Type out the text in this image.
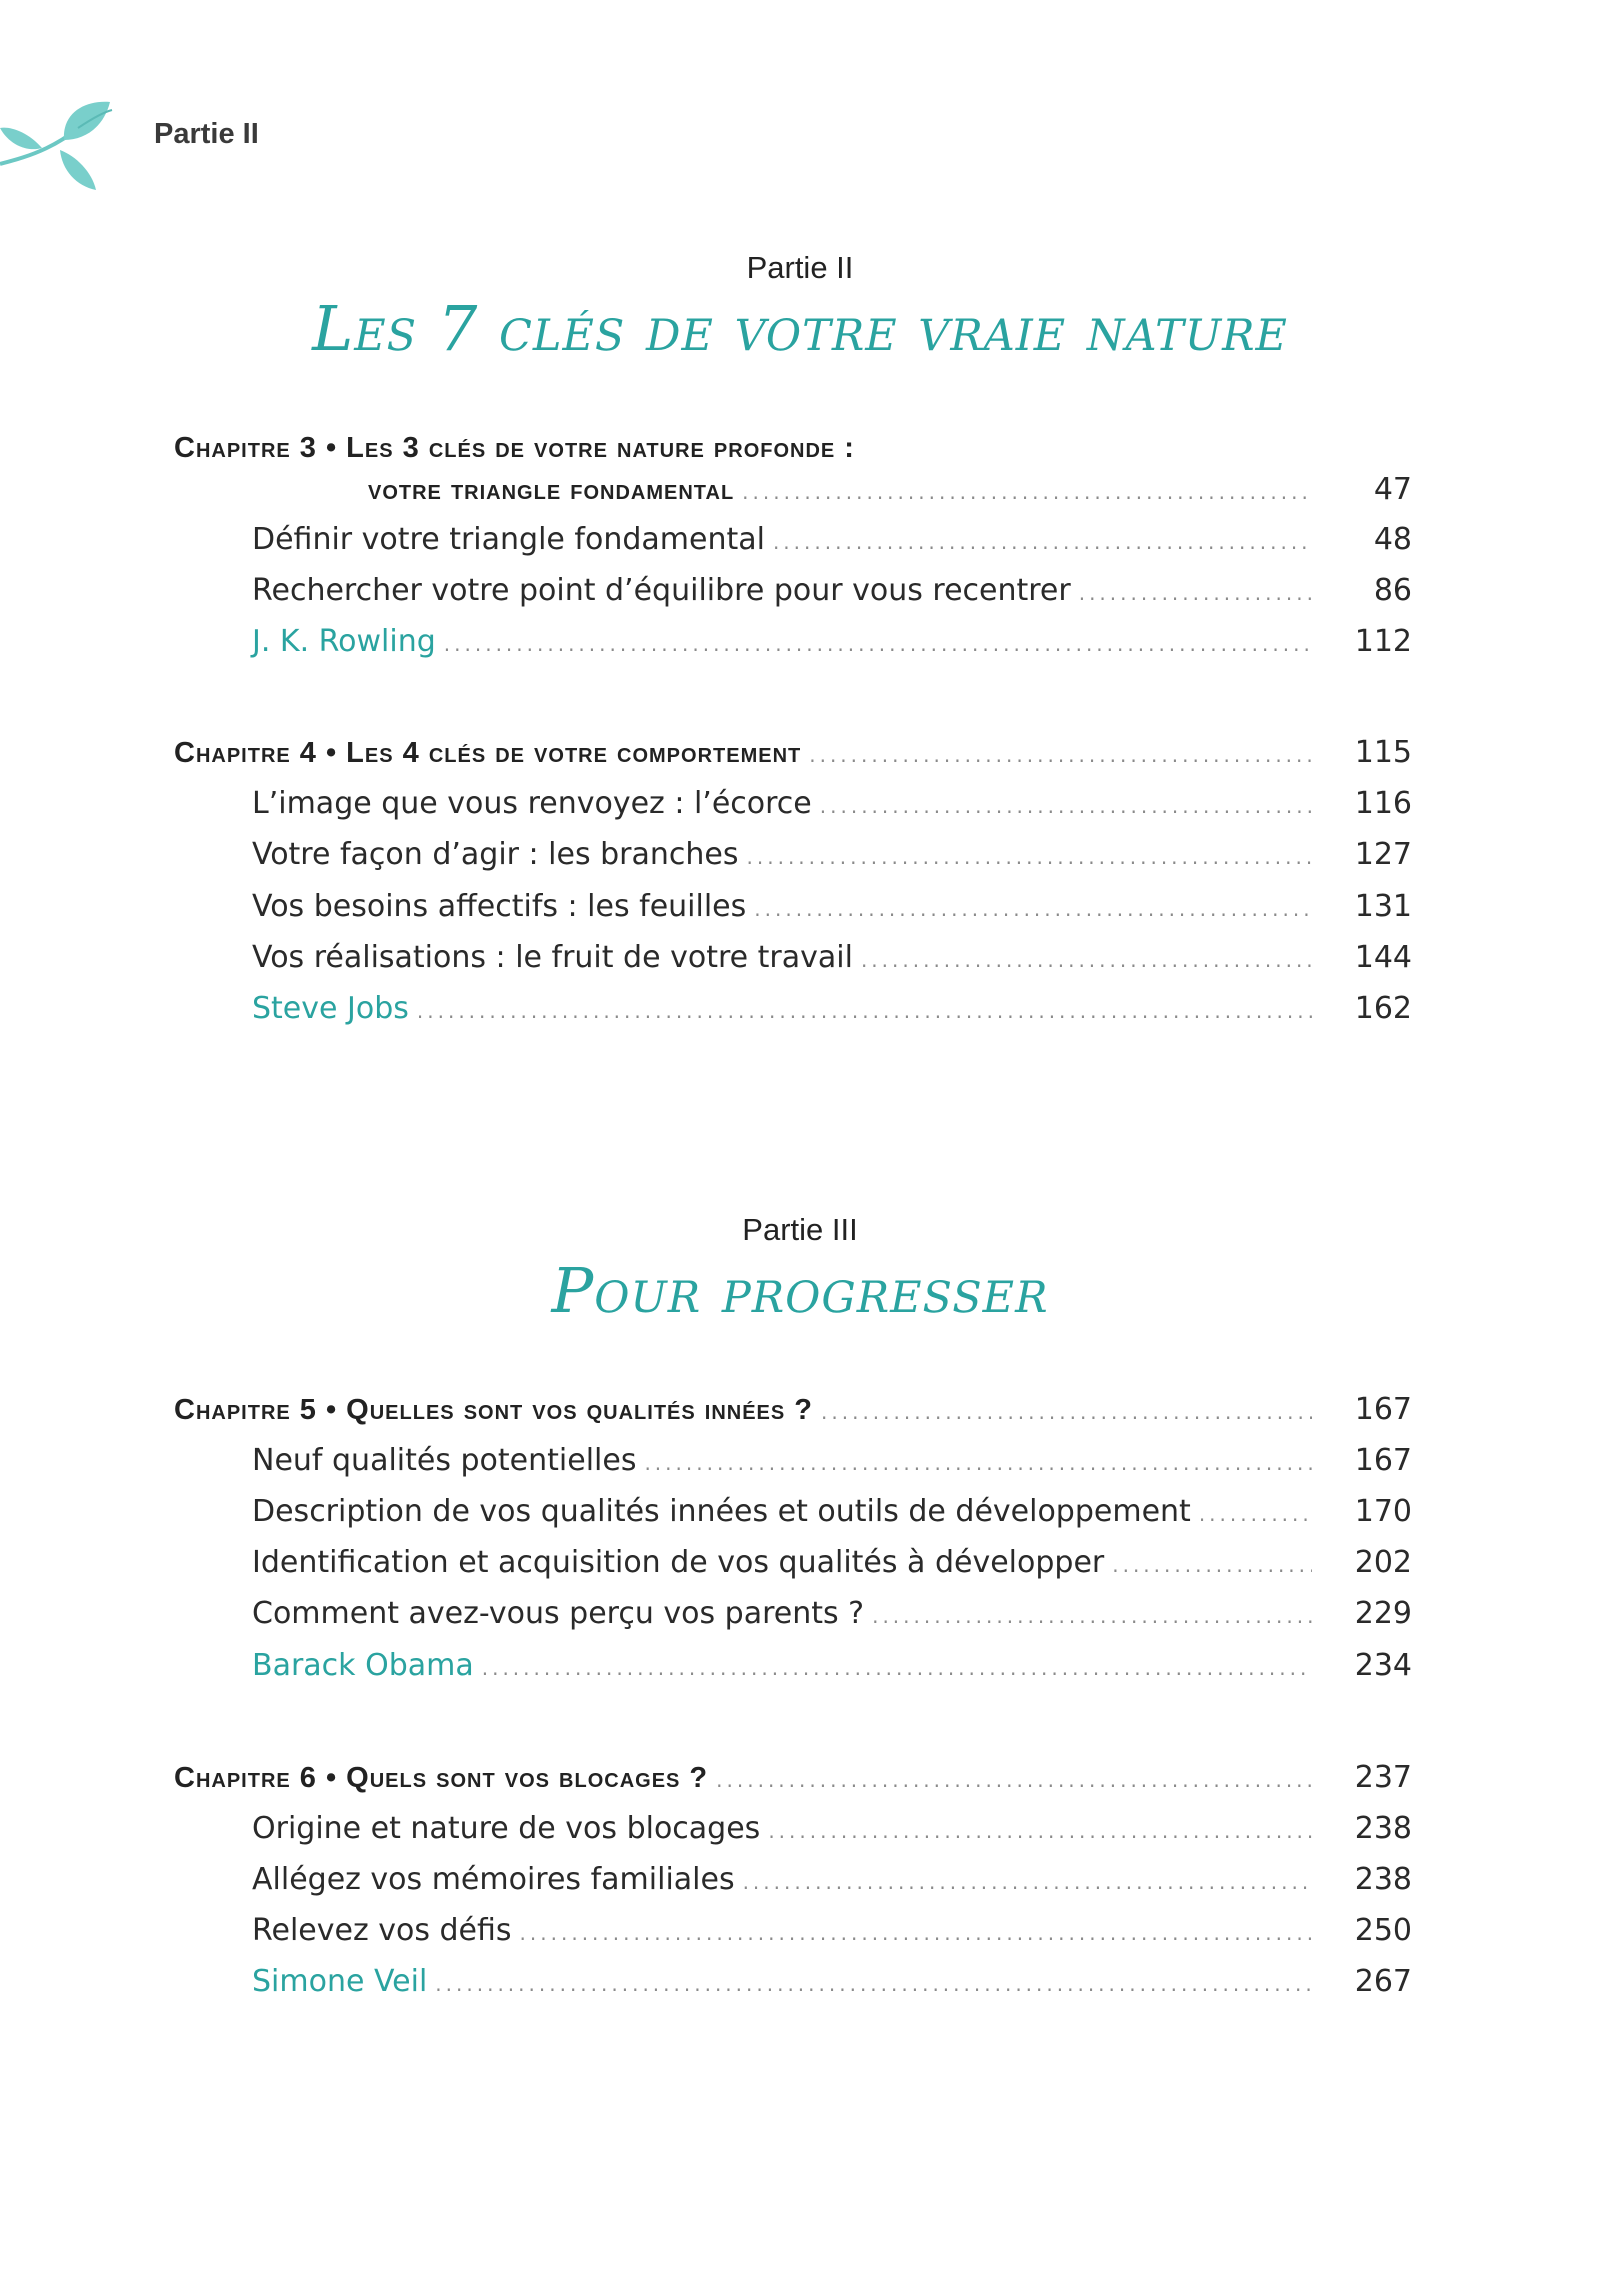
Partie II
Partie II
Les 7 clés de votre vraie nature
Chapitre 3 • Les 3 clés de votre nature profonde :
votre triangle fondamental .....	47
Définir votre triangle fondamental .....	48
Rechercher votre point d’équilibre pour vous recentrer .....	86
J. K. Rowling .....	112
Chapitre 4 • Les 4 clés de votre comportement .....	115
L’image que vous renvoyez : l’écorce .....	116
Votre façon d’agir : les branches .....	127
Vos besoins affectifs : les feuilles .....	131
Vos réalisations : le fruit de votre travail .....	144
Steve Jobs .....	162
Partie III
Pour progresser
Chapitre 5 • Quelles sont vos qualités innées ? .....	167
Neuf qualités potentielles .....	167
Description de vos qualités innées et outils de développement .....	170
Identification et acquisition de vos qualités à développer .....	202
Comment avez-vous perçu vos parents ? .....	229
Barack Obama .....	234
Chapitre 6 • Quels sont vos blocages ? .....	237
Origine et nature de vos blocages .....	238
Allégez vos mémoires familiales .....	238
Relevez vos défis .....	250
Simone Veil .....	267
